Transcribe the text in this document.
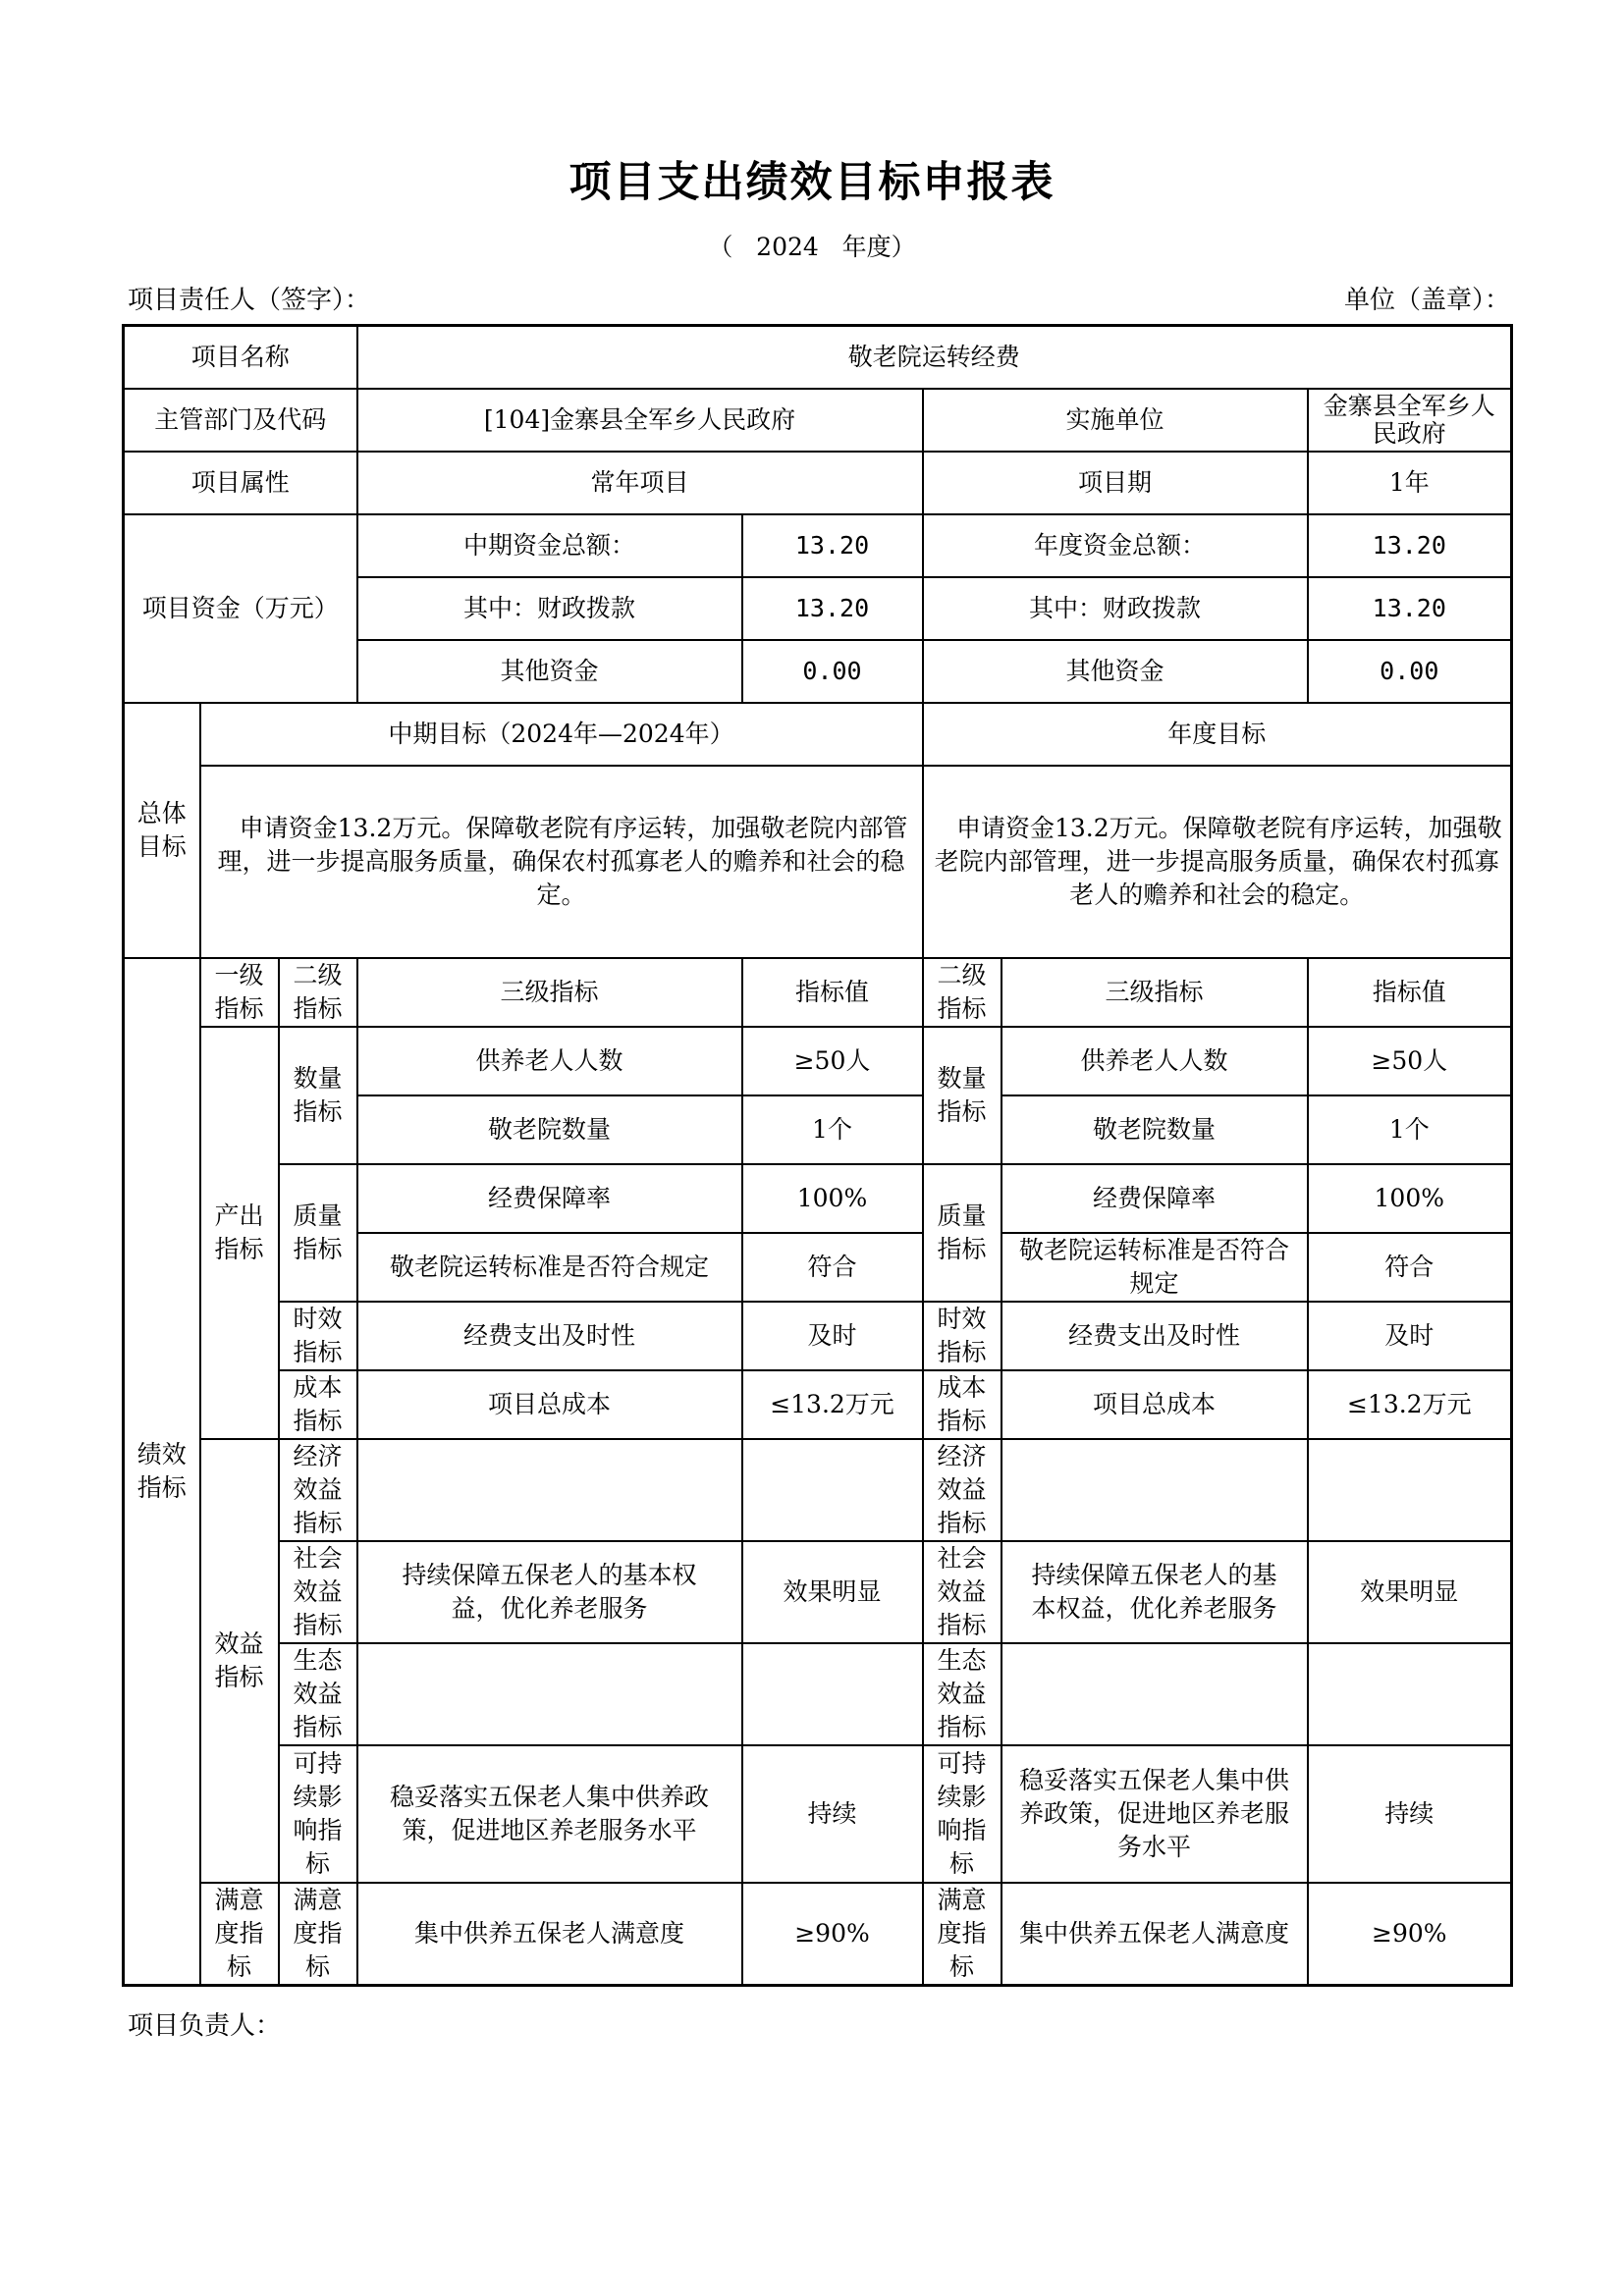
项目支出绩效目标申报表
（   2024   年度）
项目责任人（签字）：	单位（盖章）：
项目名称			敬老院运转经费				
主管部门及代码			[104]金寨县全军乡人民政府		实施单位		金寨县全军乡人民政府
项目属性			常年项目		项目期		1年
项目资金（万元）			中期资金总额：	13.20	年度资金总额：		13.20
			其中：财政拨款	13.20	其中：财政拨款		13.20
			其他资金	0.00	其他资金		0.00
总体目标	中期目标（2024年—2024年）				年度目标		
	申请资金13.2万元。保障敬老院有序运转，加强敬老院内部管理，进一步提高服务质量，确保农村孤寡老人的赡养和社会的稳定。				申请资金13.2万元。保障敬老院有序运转，加强敬老院内部管理，进一步提高服务质量，确保农村孤寡老人的赡养和社会的稳定。		
绩效指标	一级指标	二级指标	三级指标	指标值	二级指标	三级指标	指标值
	产出指标	数量指标	供养老人人数	≥50人	数量指标	供养老人人数	≥50人
			敬老院数量	1个		敬老院数量	1个
		质量指标	经费保障率	100%	质量指标	经费保障率	100%
			敬老院运转标准是否符合规定	符合		敬老院运转标准是否符合规定	符合
		时效指标	经费支出及时性	及时	时效指标	经费支出及时性	及时
		成本指标	项目总成本	≤13.2万元	成本指标	项目总成本	≤13.2万元
	效益指标	经济效益指标			经济效益指标		
		社会效益指标	持续保障五保老人的基本权益，优化养老服务	效果明显	社会效益指标	持续保障五保老人的基本权益，优化养老服务	效果明显
		生态效益指标			生态效益指标		
		可持续影响指标	稳妥落实五保老人集中供养政策，促进地区养老服务水平	持续	可持续影响指标	稳妥落实五保老人集中供养政策，促进地区养老服务水平	持续
	满意度指标	满意度指标	集中供养五保老人满意度	≥90%	满意度指标	集中供养五保老人满意度	≥90%
项目负责人：
